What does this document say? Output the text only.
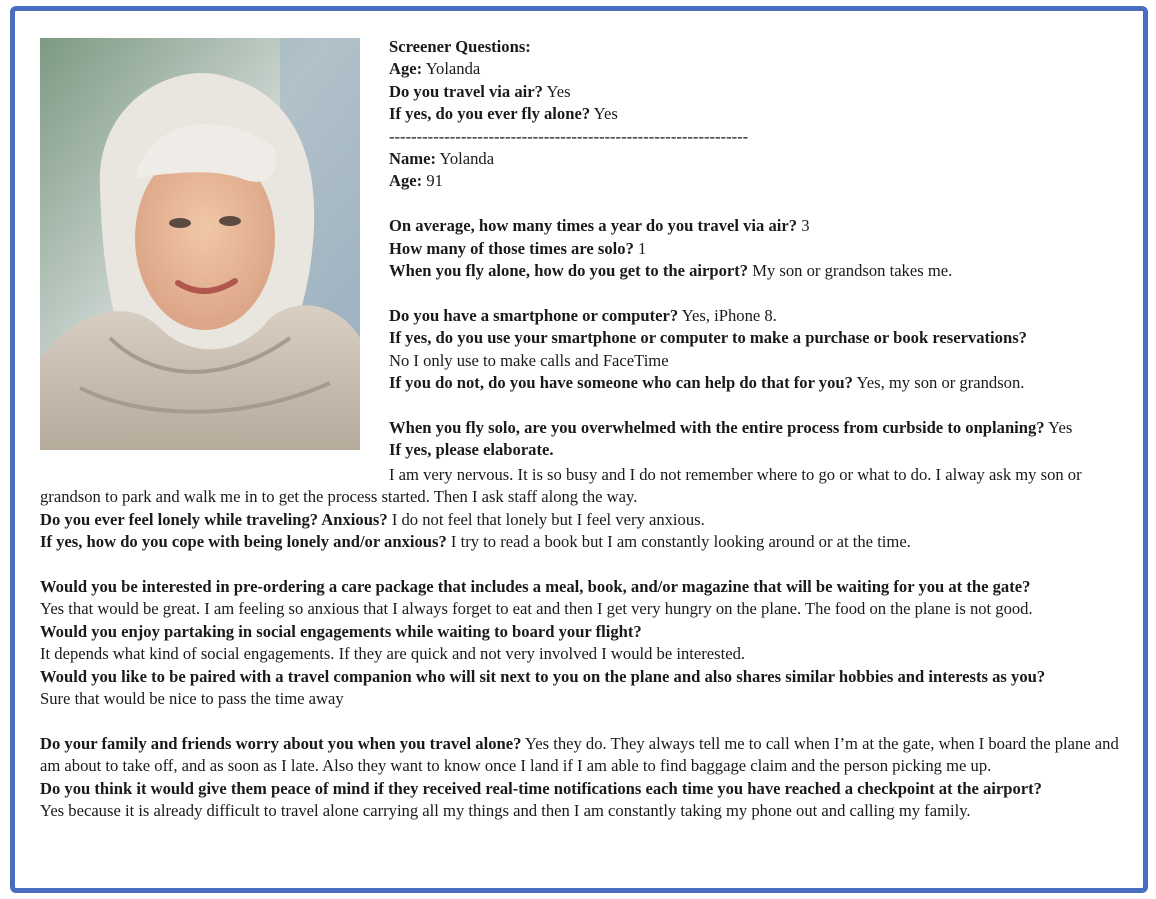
Screener Questions:
Age: Yolanda
Do you travel via air? Yes
If yes, do you ever fly alone? Yes
-----------------------------------------------------------------
Name: Yolanda
Age: 91
On average, how many times a year do you travel via air? 3
How many of those times are solo? 1
When you fly alone, how do you get to the airport? My son or grandson takes me.
Do you have a smartphone or computer? Yes, iPhone 8.
If yes, do you use your smartphone or computer to make a purchase or book reservations?
No I only use to make calls and FaceTime
If you do not, do you have someone who can help do that for you? Yes, my son or grandson.
When you fly solo, are you overwhelmed with the entire process from curbside to onplaning? Yes
If yes, please elaborate.
I am very nervous. It is so busy and I do not remember where to go or what to do. I alway ask my son or grandson to park and walk me in to get the process started. Then I ask staff along the way.
Do you ever feel lonely while traveling? Anxious? I do not feel that lonely but I feel very anxious.
If yes, how do you cope with being lonely and/or anxious? I try to read a book but I am constantly looking around or at the time.
Would you be interested in pre-ordering a care package that includes a meal, book, and/or magazine that will be waiting for you at the gate?
Yes that would be great. I am feeling so anxious that I always forget to eat and then I get very hungry on the plane. The food on the plane is not good.
Would you enjoy partaking in social engagements while waiting to board your flight?
It depends what kind of social engagements. If they are quick and not very involved I would be interested.
Would you like to be paired with a travel companion who will sit next to you on the plane and also shares similar hobbies and interests as you?
Sure that would be nice to pass the time away
Do your family and friends worry about you when you travel alone? Yes they do. They always tell me to call when I’m at the gate, when I board the plane and am about to take off, and as soon as I late. Also they want to know once I land if I am able to find baggage claim and the person picking me up.
Do you think it would give them peace of mind if they received real-time notifications each time you have reached a checkpoint at the airport?
Yes because it is already difficult to travel alone carrying all my things and then I am constantly taking my phone out and calling my family.
